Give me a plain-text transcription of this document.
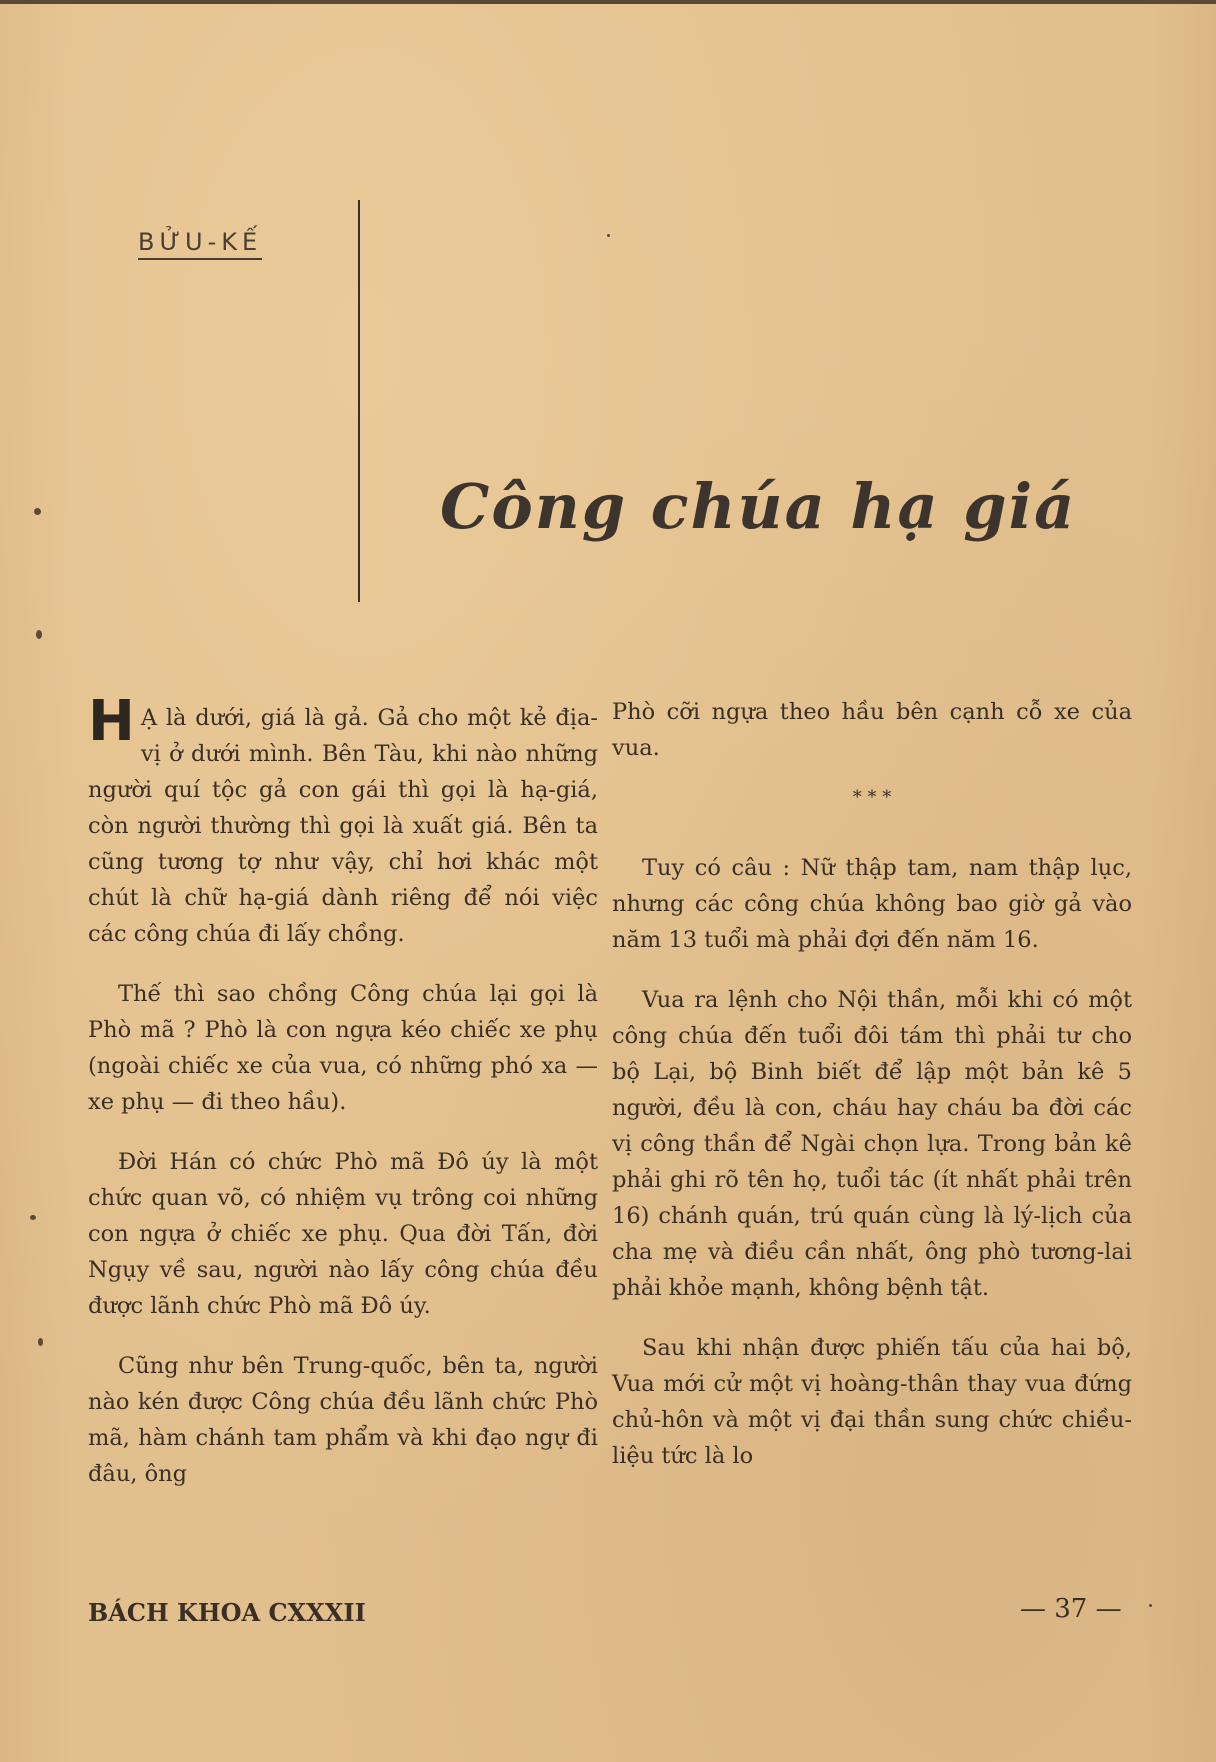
BỬU-KẾ
Công chúa hạ giá

H Ạ là dưới, giá là gả. Gả cho một kẻ địa-vị ở dưới mình. Bên Tàu, khi nào những người quí tộc gả con gái thì gọi là hạ-giá, còn người thường thì gọi là xuất giá. Bên ta cũng tương tợ như vậy, chỉ hơi khác một chút là chữ hạ-giá dành riêng để nói việc các công chúa đi lấy chồng.

Thế thì sao chồng Công chúa lại gọi là Phò mã ? Phò là con ngựa kéo chiếc xe phụ (ngoài chiếc xe của vua, có những phó xa — xe phụ — đi theo hầu).

Đời Hán có chức Phò mã Đô úy là một chức quan võ, có nhiệm vụ trông coi những con ngựa ở chiếc xe phụ. Qua đời Tấn, đời Ngụy về sau, người nào lấy công chúa đều được lãnh chức Phò mã Đô úy.

Cũng như bên Trung-quốc, bên ta, người nào kén được Công chúa đều lãnh chức Phò mã, hàm chánh tam phẩm và khi đạo ngự đi đâu, ông

Phò cỡi ngựa theo hầu bên cạnh cỗ xe của vua.

* * *

Tuy có câu : Nữ thập tam, nam thập lục, nhưng các công chúa không bao giờ gả vào năm 13 tuổi mà phải đợi đến năm 16.

Vua ra lệnh cho Nội thần, mỗi khi có một công chúa đến tuổi đôi tám thì phải tư cho bộ Lại, bộ Binh biết để lập một bản kê 5 người, đều là con, cháu hay cháu ba đời các vị công thần để Ngài chọn lựa. Trong bản kê phải ghi rõ tên họ, tuổi tác (ít nhất phải trên 16) chánh quán, trú quán cùng là lý-lịch của cha mẹ và điều cần nhất, ông phò tương-lai phải khỏe mạnh, không bệnh tật.

Sau khi nhận được phiến tấu của hai bộ, Vua mới cử một vị hoàng-thân thay vua đứng chủ-hôn và một vị đại thần sung chức chiều-liệu tức là lo

BÁCH KHOA CXXXII	— 37 —
